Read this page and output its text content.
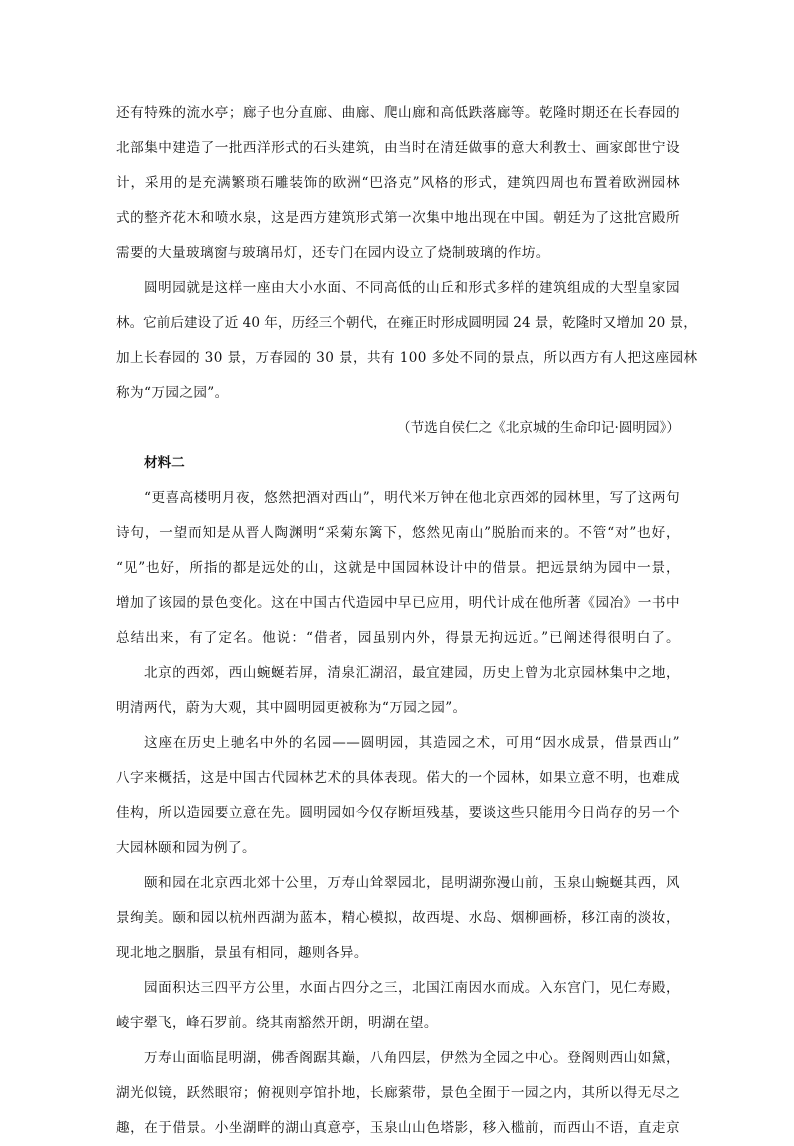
还有特殊的流水亭；廊子也分直廊、曲廊、爬山廊和高低跌落廊等。乾隆时期还在长春园的
北部集中建造了一批西洋形式的石头建筑，由当时在清廷做事的意大利教士、画家郎世宁设
计，采用的是充满繁琐石雕装饰的欧洲“巴洛克”风格的形式，建筑四周也布置着欧洲园林
式的整齐花木和喷水泉，这是西方建筑形式第一次集中地出现在中国。朝廷为了这批宫殿所
需要的大量玻璃窗与玻璃吊灯，还专门在园内设立了烧制玻璃的作坊。
圆明园就是这样一座由大小水面、不同高低的山丘和形式多样的建筑组成的大型皇家园
林。它前后建设了近 40 年，历经三个朝代，在雍正时形成圆明园 24 景，乾隆时又增加 20 景，
加上长春园的 30 景，万春园的 30 景，共有 100 多处不同的景点，所以西方有人把这座园林
称为“万园之园”。
（节选自侯仁之《北京城的生命印记·圆明园》）
材料二
“更喜高楼明月夜，悠然把酒对西山”，明代米万钟在他北京西郊的园林里，写了这两句
诗句，一望而知是从晋人陶渊明“采菊东篱下，悠然见南山”脱胎而来的。不管“对”也好，
“见”也好，所指的都是远处的山，这就是中国园林设计中的借景。把远景纳为园中一景，
增加了该园的景色变化。这在中国古代造园中早已应用，明代计成在他所著《园冶》一书中
总结出来，有了定名。他说：“借者，园虽别内外，得景无拘远近。”已阐述得很明白了。
北京的西郊，西山蜿蜒若屏，清泉汇湖沼，最宜建园，历史上曾为北京园林集中之地，
明清两代，蔚为大观，其中圆明园更被称为“万园之园”。
这座在历史上驰名中外的名园——圆明园，其造园之术，可用“因水成景，借景西山”
八字来概括，这是中国古代园林艺术的具体表现。偌大的一个园林，如果立意不明，也难成
佳构，所以造园要立意在先。圆明园如今仅存断垣残基，要谈这些只能用今日尚存的另一个
大园林颐和园为例了。
颐和园在北京西北郊十公里，万寿山耸翠园北，昆明湖弥漫山前，玉泉山蜿蜒其西，风
景绚美。颐和园以杭州西湖为蓝本，精心模拟，故西堤、水岛、烟柳画桥，移江南的淡妆，
现北地之胭脂，景虽有相同，趣则各异。
园面积达三四平方公里，水面占四分之三，北国江南因水而成。入东宫门，见仁寿殿，
崚宇翚飞，峰石罗前。绕其南豁然开朗，明湖在望。
万寿山面临昆明湖，佛香阁踞其巅，八角四层，伊然为全园之中心。登阁则西山如黛，
湖光似镜，跃然眼帘；俯视则亭馆扑地，长廊萦带，景色全囿于一园之内，其所以得无尽之
趣，在于借景。小坐湖畔的湖山真意亭，玉泉山山色塔影，移入槛前，而西山不语，直走京
